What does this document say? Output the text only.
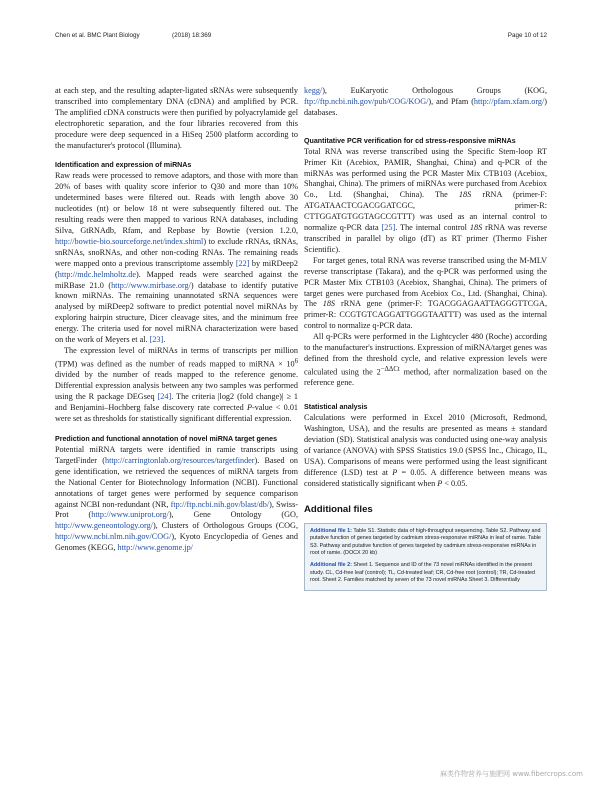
Chen et al. BMC Plant Biology	(2018) 18:369	Page 10 of 12

at each step, and the resulting adapter-ligated sRNAs were subsequently transcribed into complementary DNA (cDNA) and amplified by PCR. The amplified cDNA constructs were then purified by polyacrylamide gel electrophoretic separation, and the four libraries recovered from this procedure were deep sequenced in a HiSeq 2500 platform according to the manufacturer's protocol (Illumina).

Identification and expression of miRNAs

Raw reads were processed to remove adaptors, and those with more than 20% of bases with quality score inferior to Q30 and more than 10% undetermined bases were filtered out. Reads with length above 30 nucleotides (nt) or below 18 nt were subsequently filtered out. The resulting reads were then mapped to various RNA databases, including Silva, GtRNAdb, Rfam, and Repbase by Bowtie (version 1.2.0, http://bowtie-bio.sourceforge.net/index.shtml) to exclude rRNAs, tRNAs, snRNAs, snoRNAs, and other non-coding RNAs. The remaining reads were mapped onto a previous transcriptome assembly [22] by miRDeep2 (http://mdc.helmholtz.de). Mapped reads were searched against the miRBase 21.0 (http://www.mirbase.org/) database to identify putative known miRNAs. The remaining unannotated sRNA sequences were analysed by miRDeep2 software to predict potential novel miRNAs by exploring hairpin structure, Dicer cleavage sites, and the minimum free energy. The criteria used for novel miRNA characterization were based on the work of Meyers et al. [23].

The expression level of miRNAs in terms of transcripts per million (TPM) was defined as the number of reads mapped to miRNA × $10^6$ divided by the number of reads mapped to the reference genome. Differential expression analysis between any two samples was performed using the R package DEGseq [24]. The criteria |log2 (fold change)| ≥ 1 and Benjamini–Hochberg false discovery rate corrected P-value < 0.01 were set as thresholds for statistically significant differential expression.

Prediction and functional annotation of novel miRNA target genes

Potential miRNA targets were identified in ramie transcripts using TargetFinder (http://carringtonlab.org/resources/targetfinder). Based on gene identification, we retrieved the sequences of miRNA targets from the National Center for Biotechnology Information (NCBI). Functional annotations of target genes were performed by sequence comparison against NCBI non-redundant (NR, ftp://ftp.ncbi.nih.gov/blast/db/), Swiss-Prot (http://www.uniprot.org/), Gene Ontology (GO, http://www.geneontology.org/), Clusters of Orthologous Groups (COG, http://www.ncbi.nlm.nih.gov/COG/), Kyoto Encyclopedia of Genes and Genomes (KEGG, http://www.genome.jp/

kegg/), EuKaryotic Orthologous Groups (KOG, ftp://ftp.ncbi.nih.gov/pub/COG/KOG/), and Pfam (http://pfam.xfam.org/) databases.

Quantitative PCR verification for cd stress-responsive miRNAs

Total RNA was reverse transcribed using the Specific Stem-loop RT Primer Kit (Acebiox, PAMIR, Shanghai, China) and q-PCR of the miRNAs was performed using the PCR Master Mix CTB103 (Acebiox, Shanghai, China). The primers of miRNAs were purchased from Acebiox Co., Ltd. (Shanghai, China). The 18S rRNA (primer-F: ATGATAACTCGACGGATCGC, primer-R: CTTGGATGTGGTAGCCGTTT) was used as an internal control to normalize q-PCR data [25]. The internal control 18S rRNA was reverse transcribed in parallel by oligo (dT) as RT primer (Thermo Fisher Scientific).

For target genes, total RNA was reverse transcribed using the M-MLV reverse transcriptase (Takara), and the q-PCR was performed using the PCR Master Mix CTB103 (Acebiox, Shanghai, China). The primers of target genes were purchased from Acebiox Co., Ltd. (Shanghai, China). The 18S rRNA gene (primer-F: TGACGGAGAATTAGGGTTCGA, primer-R: CCGTGTCAGGATTGGGTAATTT) was used as the internal control to normalize q-PCR data.

All q-PCRs were performed in the Lightcycler 480 (Roche) according to the manufacturer's instructions. Expression of miRNA/target genes was defined from the threshold cycle, and relative expression levels were calculated using the $2^{-\Delta\Delta Ct}$ method, after normalization based on the reference gene.

Statistical analysis

Calculations were performed in Excel 2010 (Microsoft, Redmond, Washington, USA), and the results are presented as means ± standard deviation (SD). Statistical analysis was conducted using one-way analysis of variance (ANOVA) with SPSS Statistics 19.0 (SPSS Inc., Chicago, IL, USA). Comparisons of means were performed using the least significant difference (LSD) test at P = 0.05. A difference between means was considered statistically significant when P < 0.05.

Additional files

Additional file 1: Table S1. Statistic data of high-throughput sequencing. Table S2. Pathway and putative function of genes targeted by cadmium stress-responsive miRNAs in leaf of ramie. Table S3. Pathway and putative function of genes targeted by cadmium stress-responsive miRNAs in root of ramie. (DOCX 20 kb)

Additional file 2: Sheet 1. Sequence and ID of the 73 novel miRNAs identified in the present study. CL, Cd-free leaf (control); TL, Cd-treated leaf; CR, Cd-free root (control); TR, Cd-treated root. Sheet 2. Families matched by seven of the 73 novel miRNAs Sheet 3. Differentially

麻类作物营养与施肥网 www.fibercrops.com
